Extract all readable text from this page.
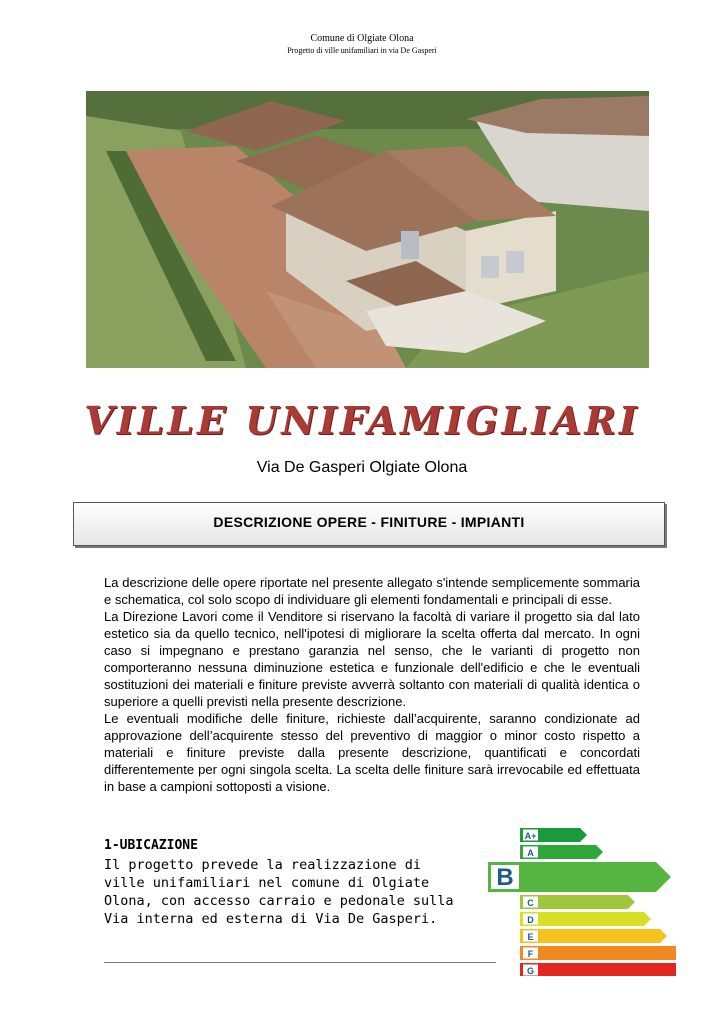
Comune di Olgiate Olona
Progetto di ville unifamiliari in via De Gasperi
VILLE UNIFAMIGLIARI
Via De Gasperi Olgiate Olona
DESCRIZIONE OPERE - FINITURE - IMPIANTI

La descrizione delle opere riportate nel presente allegato s'intende semplicemente sommaria e schematica, col solo scopo di individuare gli elementi fondamentali e principali di esse.

La Direzione Lavori come il Venditore si riservano la facoltà di variare il progetto sia dal lato estetico sia da quello tecnico, nell'ipotesi di migliorare la scelta offerta dal mercato. In ogni caso si impegnano e prestano garanzia nel senso, che le varianti di progetto non comporteranno nessuna diminuzione estetica e funzionale dell'edificio e che le eventuali sostituzioni dei materiali e finiture previste avverrà soltanto con materiali di qualità identica o superiore a quelli previsti nella presente descrizione.

Le eventuali modifiche delle finiture, richieste dall’acquirente, saranno condizionate ad approvazione dell’acquirente stesso del preventivo di maggior o minor costo rispetto a materiali e finiture previste dalla presente descrizione, quantificati e concordati differentemente per ogni singola scelta. La scelta delle finiture sarà irrevocabile ed effettuata in base a campioni sottoposti a visione.

1-UBICAZIONE
Il progetto prevede la realizzazione di ville unifamiliari nel comune di Olgiate Olona, con accesso carraio e pedonale sulla Via interna ed esterna di Via De Gasperi.
A+
A
B
C
D
E
F
G
